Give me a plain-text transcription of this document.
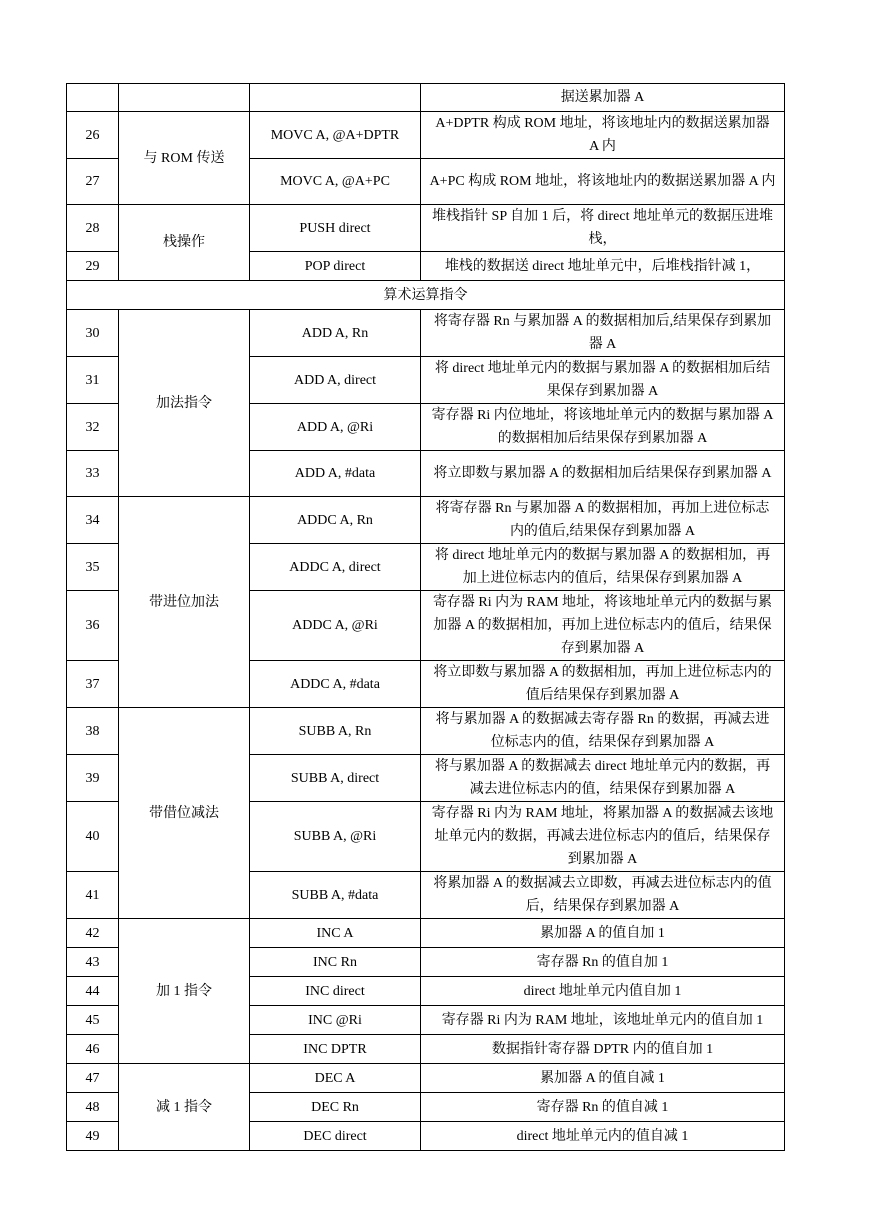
			据送累加器 A
26	与 ROM 传送	MOVC A, @A+DPTR	A+DPTR 构成 ROM 地址，将该地址内的数据送累加器 A 内
27		MOVC A, @A+PC	A+PC 构成 ROM 地址，将该地址内的数据送累加器 A 内
28	栈操作	PUSH direct	堆栈指针 SP 自加 1 后，将 direct 地址单元的数据压进堆栈，
29		POP direct	堆栈的数据送 direct 地址单元中，后堆栈指针减 1，
算术运算指令			
30	加法指令	ADD A, Rn	将寄存器 Rn 与累加器 A 的数据相加后,结果保存到累加器 A
31		ADD A, direct	将 direct 地址单元内的数据与累加器 A 的数据相加后结果保存到累加器 A
32		ADD A, @Ri	寄存器 Ri 内位地址，将该地址单元内的数据与累加器 A 的数据相加后结果保存到累加器 A
33		ADD A, #data	将立即数与累加器 A 的数据相加后结果保存到累加器 A
34	带进位加法	ADDC A, Rn	将寄存器 Rn 与累加器 A 的数据相加，再加上进位标志内的值后,结果保存到累加器 A
35		ADDC A, direct	将 direct 地址单元内的数据与累加器 A 的数据相加，再加上进位标志内的值后，结果保存到累加器 A
36		ADDC A, @Ri	寄存器 Ri 内为 RAM 地址，将该地址单元内的数据与累加器 A 的数据相加，再加上进位标志内的值后，结果保存到累加器 A
37		ADDC A, #data	将立即数与累加器 A 的数据相加，再加上进位标志内的值后结果保存到累加器 A
38	带借位减法	SUBB A, Rn	将与累加器 A 的数据减去寄存器 Rn 的数据，再减去进位标志内的值，结果保存到累加器 A
39		SUBB A, direct	将与累加器 A 的数据减去 direct 地址单元内的数据，再减去进位标志内的值，结果保存到累加器 A
40		SUBB A, @Ri	寄存器 Ri 内为 RAM 地址，将累加器 A 的数据减去该地址单元内的数据，再减去进位标志内的值后，结果保存到累加器 A
41		SUBB A, #data	将累加器 A 的数据减去立即数，再减去进位标志内的值后，结果保存到累加器 A
42	加 1 指令	INC A	累加器 A 的值自加 1
43		INC Rn	寄存器 Rn 的值自加 1
44		INC direct	direct 地址单元内值自加 1
45		INC @Ri	寄存器 Ri 内为 RAM 地址，该地址单元内的值自加 1
46		INC DPTR	数据指针寄存器 DPTR 内的值自加 1
47	减 1 指令	DEC A	累加器 A 的值自减 1
48		DEC Rn	寄存器 Rn 的值自减 1
49		DEC direct	direct 地址单元内的值自减 1
